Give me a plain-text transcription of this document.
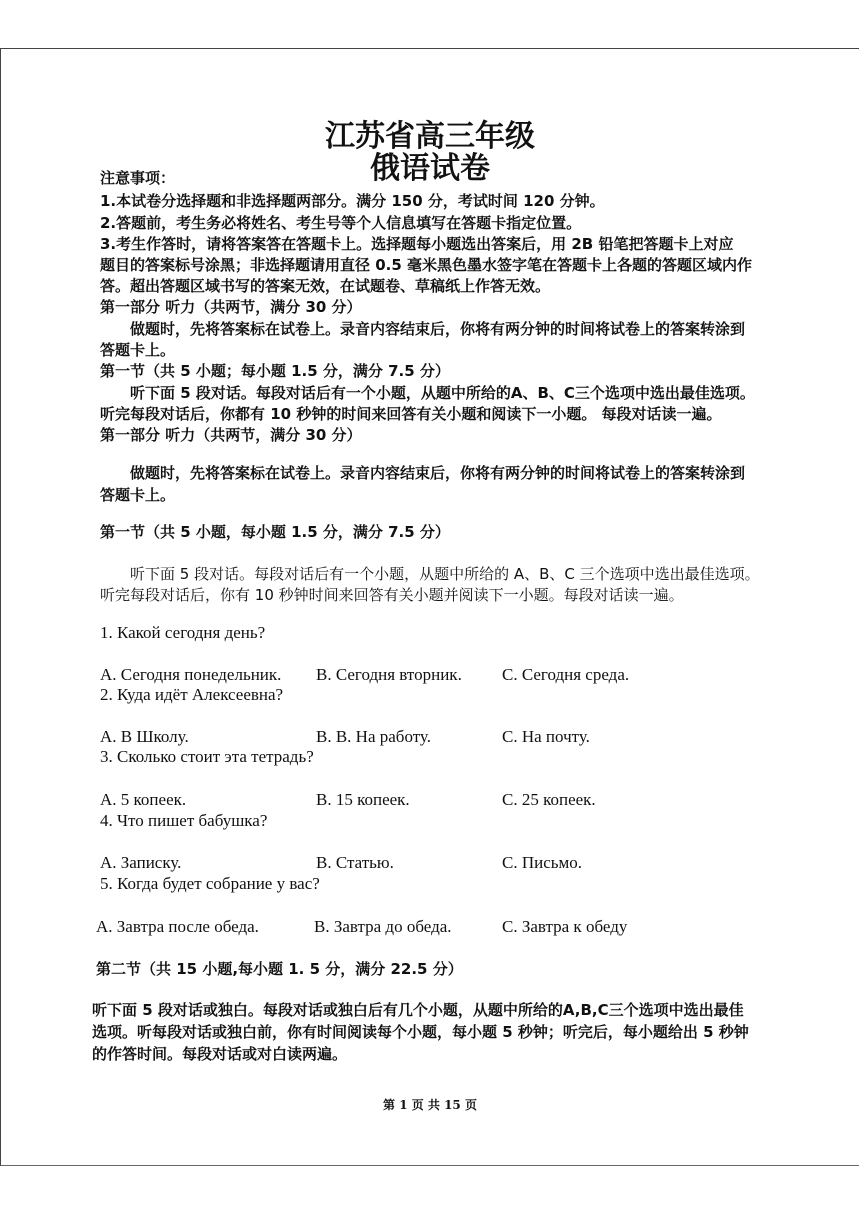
江苏省高三年级
俄语试卷
注意事项：
1.本试卷分选择题和非选择题两部分。满分 150 分，考试时间 120 分钟。
2.答题前，考生务必将姓名、考生号等个人信息填写在答题卡指定位置。
3.考生作答时，请将答案答在答题卡上。选择题每小题选出答案后，用 2B 铅笔把答题卡上对应
题目的答案标号涂黑；非选择题请用直径 0.5 毫米黑色墨水签字笔在答题卡上各题的答题区域内作
答。超出答题区域书写的答案无效，在试题卷、草稿纸上作答无效。
第一部分 听力（共两节，满分 30 分）
做题时，先将答案标在试卷上。录音内容结束后，你将有两分钟的时间将试卷上的答案转涂到
答题卡上。
第一节（共 5 小题；每小题 1.5 分，满分 7.5 分）
听下面 5 段对话。每段对话后有一个小题，从题中所给的A、B、C三个选项中选出最佳选项。
听完每段对话后，你都有 10 秒钟的时间来回答有关小题和阅读下一小题。 每段对话读一遍。
第一部分 听力（共两节，满分 30 分）
做题时，先将答案标在试卷上。录音内容结束后，你将有两分钟的时间将试卷上的答案转涂到
答题卡上。
第一节（共 5 小题，每小题 1.5 分，满分 7.5 分）
听下面 5 段对话。每段对话后有一个小题，从题中所给的 A、B、C 三个选项中选出最佳选项。
听完每段对话后，你有 10 秒钟时间来回答有关小题并阅读下一小题。每段对话读一遍。
1. Какой сегодня день?
A. Сегодня понедельник. B. Сегодня вторник. C. Сегодня среда.
2. Куда идёт Алексеевна?
A. В Школу.	B. В. На работу.	C. На почту.
3. Сколько стоит эта тетрадь?
A. 5 копеек.	B. 15 копеек.	C. 25 копеек.
4. Что пишет бабушка?
A. Записку.	B. Статью.	C. Письмо.
5. Когда будет собрание у вас?
A. Завтра после обеда.	B. Завтра до обеда.	C. Завтра к обеду
第二节（共 15 小题,每小题 1. 5 分，满分 22.5 分）
听下面 5 段对话或独白。每段对话或独白后有几个小题，从题中所给的A,B,C三个选项中选出最佳
选项。听每段对话或独白前，你有时间阅读每个小题，每小题 5 秒钟；听完后，每小题给出 5 秒钟
的作答时间。每段对话或对白读两遍。
第 1 页 共 15 页
